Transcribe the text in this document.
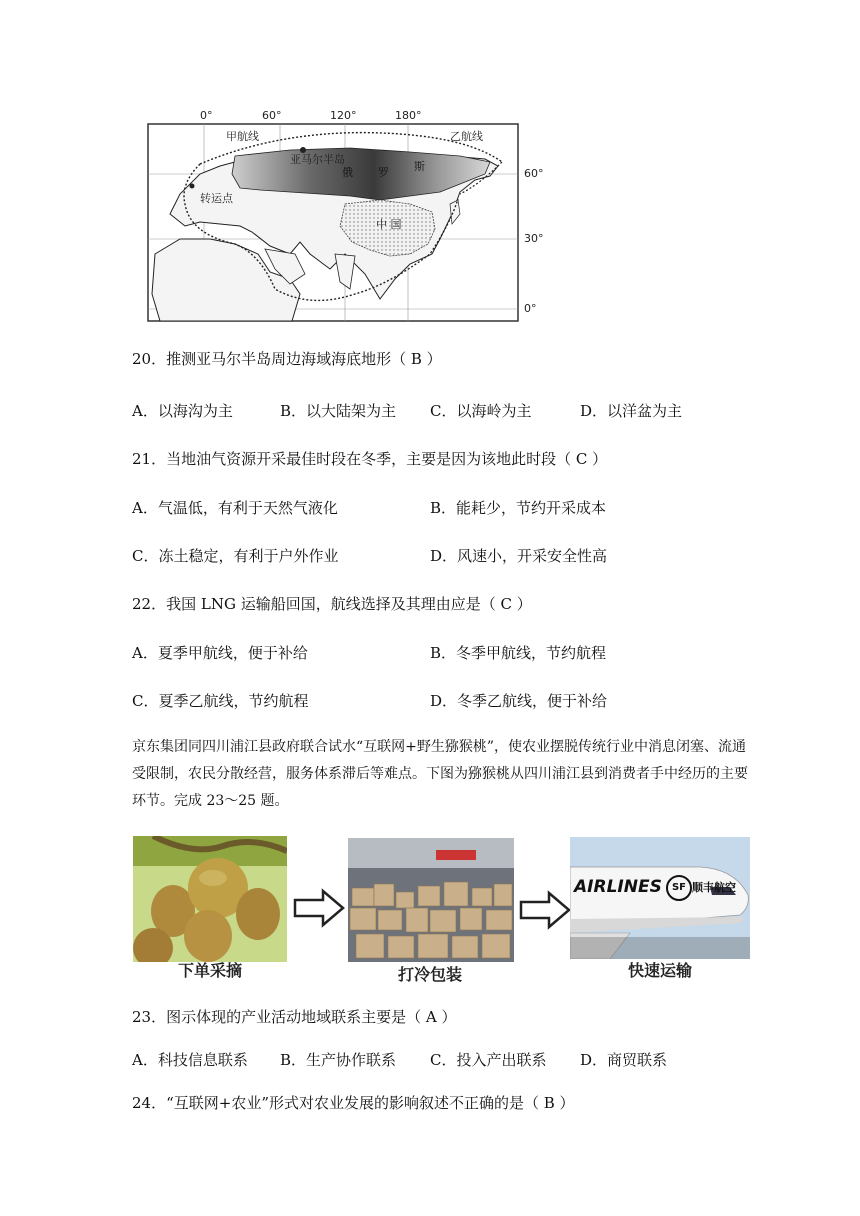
0°	60°	120°	180°
60°
30°
0°
甲航线	乙航线
亚马尔半岛
转运点
俄 罗 斯
中 国
20．推测亚马尔半岛周边海域海底地形（ B ）
A．以海沟为主	B．以大陆架为主 C．以海岭为主	D．以洋盆为主
21．当地油气资源开采最佳时段在冬季，主要是因为该地此时段（ C ）
A．气温低，有利于天然气液化	B．能耗少，节约开采成本
C．冻土稳定，有利于户外作业	D．风速小，开采安全性高
22．我国 LNG 运输船回国，航线选择及其理由应是（ C ）
A．夏季甲航线，便于补给	B．冬季甲航线，节约航程
C．夏季乙航线，节约航程	D．冬季乙航线，便于补给
京东集团同四川浦江县政府联合试水“互联网+野生猕猴桃”，使农业摆脱传统行业中消息闭塞、流通受限制，农民分散经营，服务体系滞后等难点。下图为猕猴桃从四川浦江县到消费者手中经历的主要环节。完成 23～25 题。
下单采摘	打冷包装
AIRLINES	SF 顺丰航空
快速运输
23．图示体现的产业活动地域联系主要是（ A ）
A．科技信息联系 B．生产协作联系 C．投入产出联系 D．商贸联系
24．“互联网+农业”形式对农业发展的影响叙述不正确的是（ B ）
